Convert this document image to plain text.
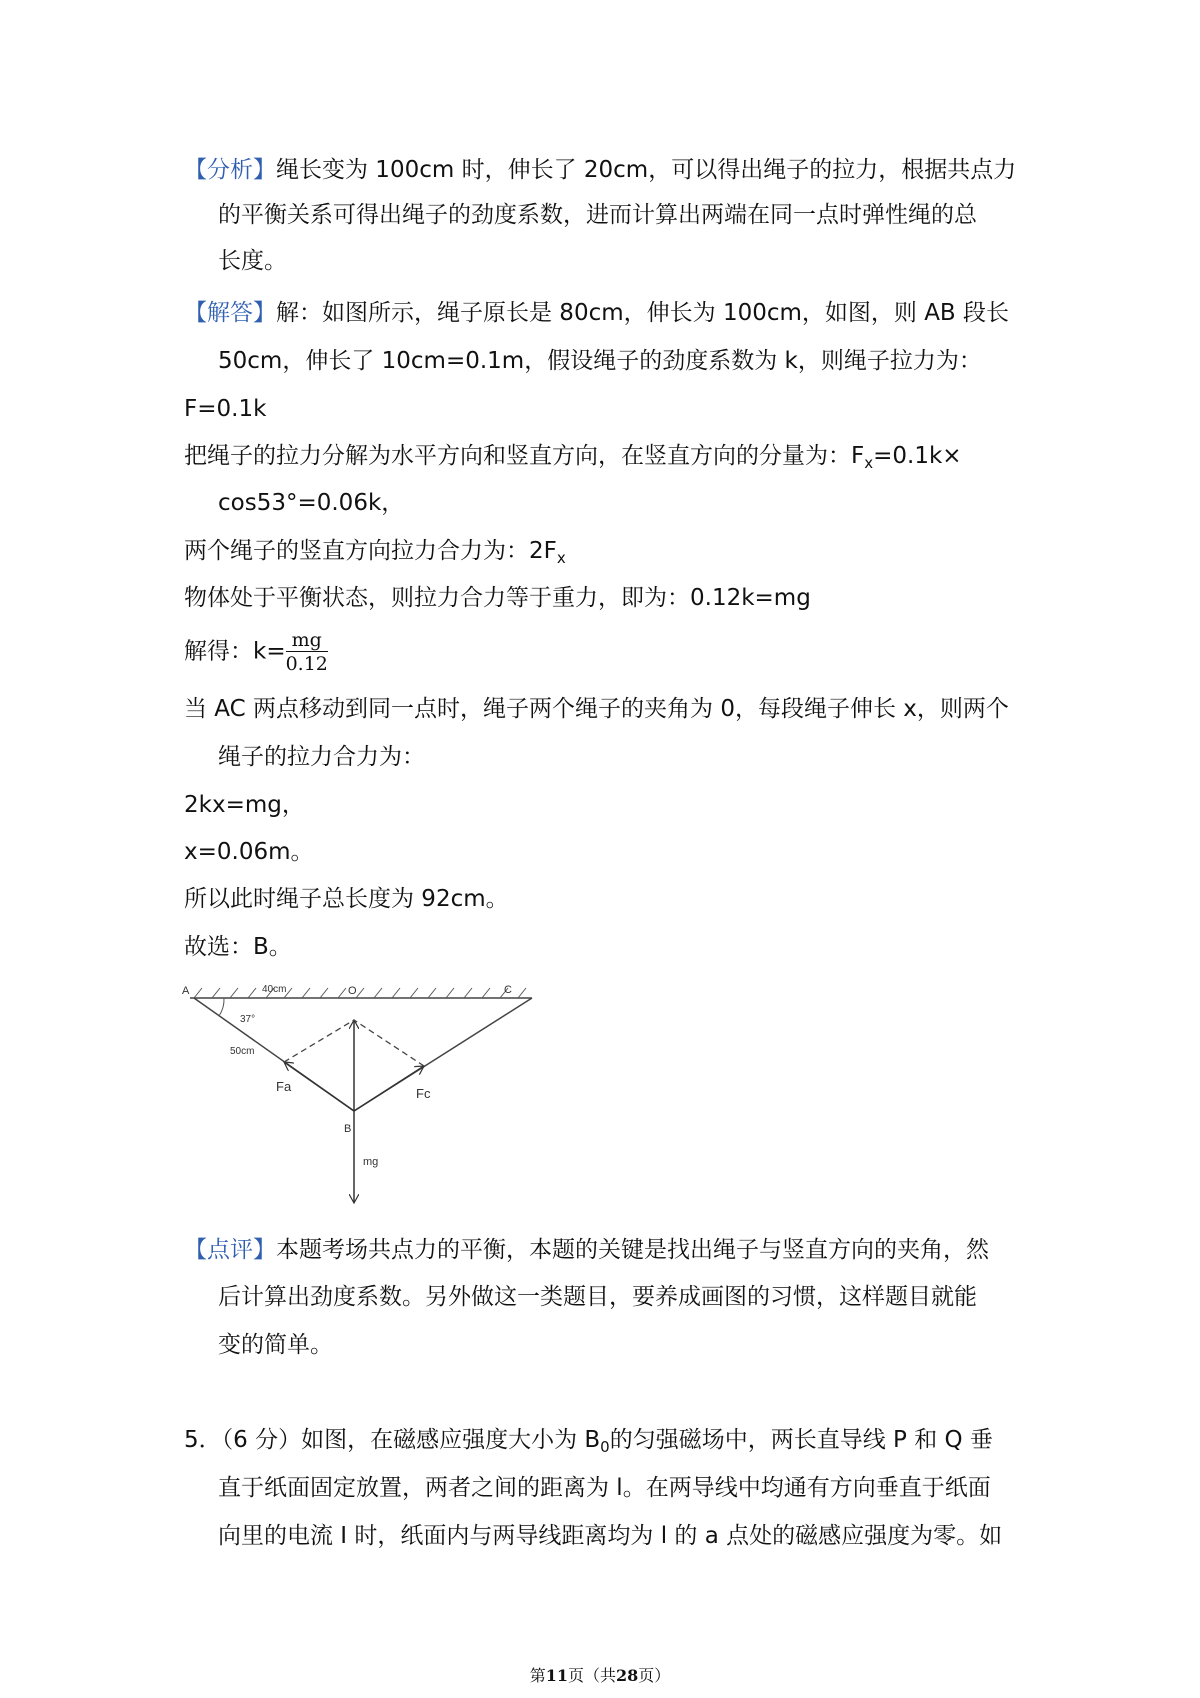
【分析】绳长变为 100cm 时，伸长了 20cm，可以得出绳子的拉力，根据共点力
的平衡关系可得出绳子的劲度系数，进而计算出两端在同一点时弹性绳的总
长度。
【解答】解：如图所示，绳子原长是 80cm，伸长为 100cm，如图，则 AB 段长
50cm，伸长了 10cm=0.1m，假设绳子的劲度系数为 k，则绳子拉力为：
F=0.1k
把绳子的拉力分解为水平方向和竖直方向，在竖直方向的分量为：$F_x=0.1k\times$
cos53°=0.06k，
两个绳子的竖直方向拉力合力为：$2F_x$
物体处于平衡状态，则拉力合力等于重力，即为：0.12k=mg
解得：$k= \frac{mg}{0.12}$
当 AC 两点移动到同一点时，绳子两个绳子的夹角为 0，每段绳子伸长 x，则两个
绳子的拉力合力为：
2kx=mg，
x=0.06m。
所以此时绳子总长度为 92cm。
故选：B。
A	40cm	O	C
37°
50cm
Fa	Fc
B
mg
【点评】本题考场共点力的平衡，本题的关键是找出绳子与竖直方向的夹角，然
后计算出劲度系数。另外做这一类题目，要养成画图的习惯，这样题目就能
变的简单。
5．（6 分）如图，在磁感应强度大小为 $B_0$的匀强磁场中，两长直导线 P 和 Q 垂
直于纸面固定放置，两者之间的距离为 l。在两导线中均通有方向垂直于纸面
向里的电流 I 时，纸面内与两导线距离均为 l 的 a 点处的磁感应强度为零。如
第11页（共28页）
